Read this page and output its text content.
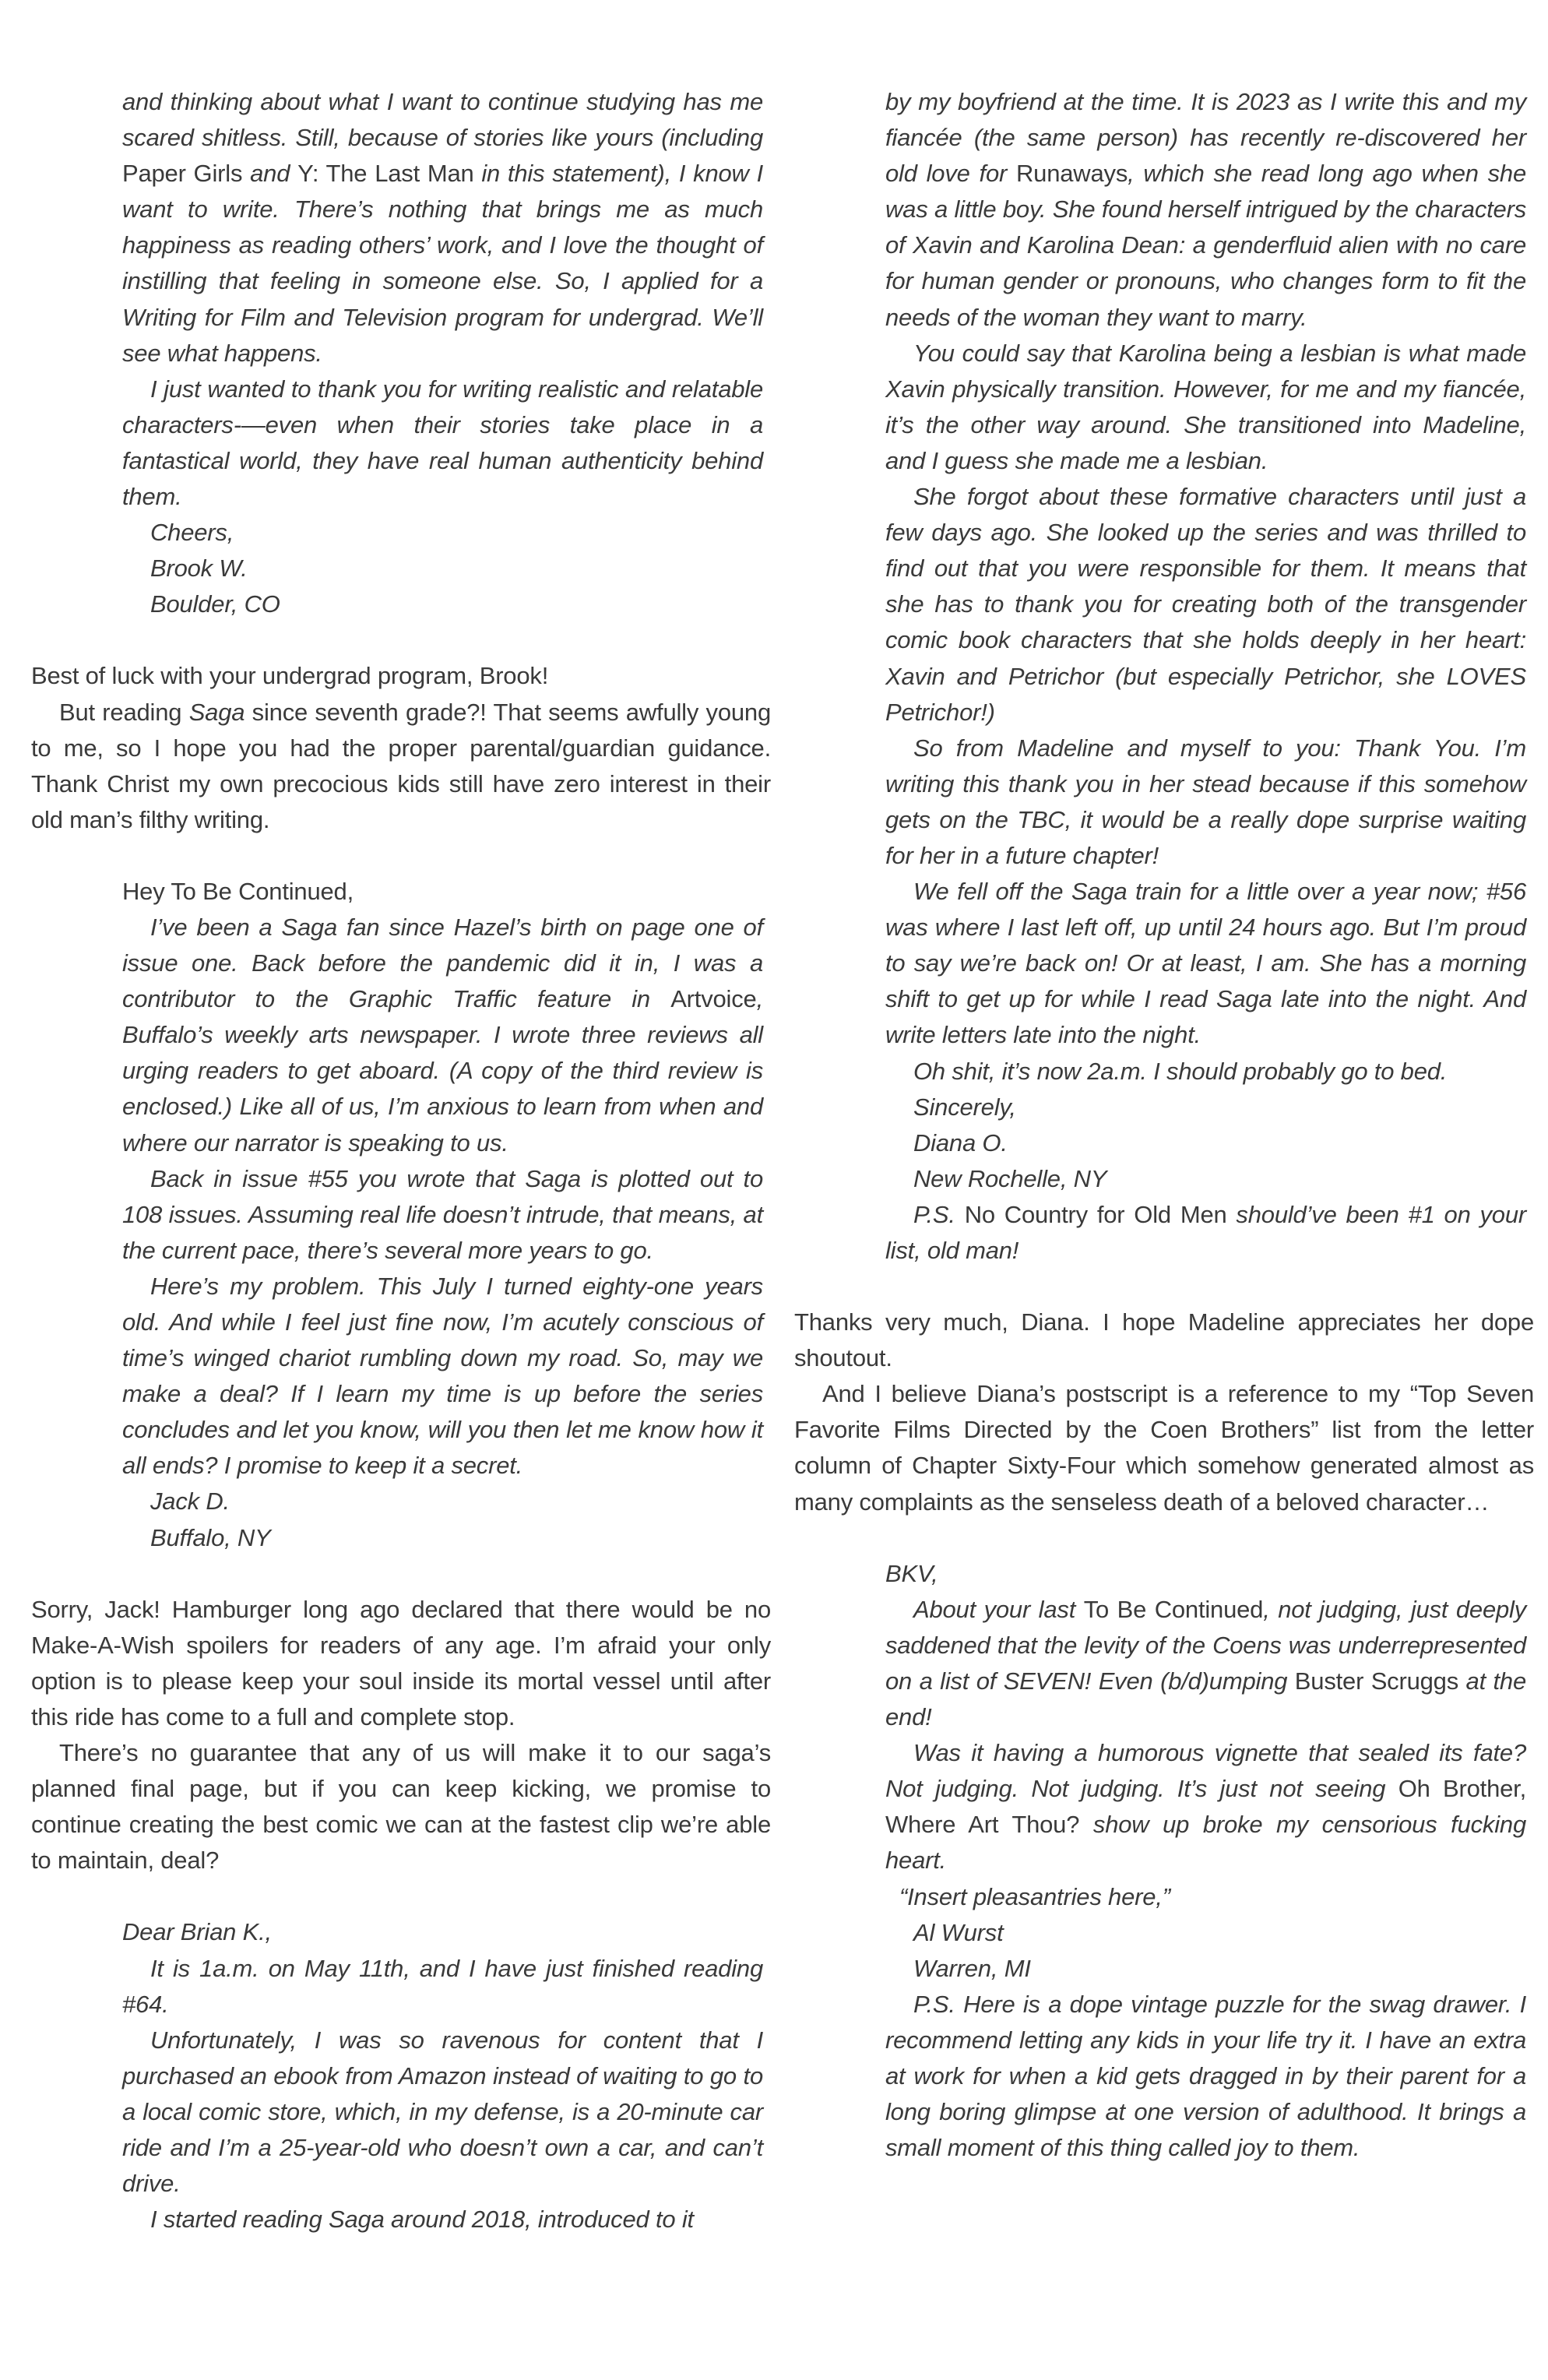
and thinking about what I want to continue studying has me scared shitless. Still, because of stories like yours (including Paper Girls and Y: The Last Man in this statement), I know I want to write. There’s nothing that brings me as much happiness as reading others’ work, and I love the thought of instilling that feeling in someone else. So, I applied for a Writing for Film and Television program for undergrad. We’ll see what happens.

I just wanted to thank you for writing realistic and relatable characters-—even when their stories take place in a fantastical world, they have real human authenticity behind them.

Cheers,

Brook W.

Boulder, CO

Best of luck with your undergrad program, Brook!

But reading Saga since seventh grade?! That seems awfully young to me, so I hope you had the proper parental/guardian guidance. Thank Christ my own precocious kids still have zero interest in their old man’s filthy writing.

Hey To Be Continued,

I’ve been a Saga fan since Hazel’s birth on page one of issue one. Back before the pandemic did it in, I was a contributor to the Graphic Traffic feature in Artvoice, Buffalo’s weekly arts newspaper. I wrote three reviews all urging readers to get aboard. (A copy of the third review is enclosed.) Like all of us, I’m anxious to learn from when and where our narrator is speaking to us.

Back in issue #55 you wrote that Saga is plotted out to 108 issues. Assuming real life doesn’t intrude, that means, at the current pace, there’s several more years to go.

Here’s my problem. This July I turned eighty-one years old. And while I feel just fine now, I’m acutely conscious of time’s winged chariot rumbling down my road. So, may we make a deal? If I learn my time is up before the series concludes and let you know, will you then let me know how it all ends? I promise to keep it a secret.

Jack D.

Buffalo, NY

Sorry, Jack! Hamburger long ago declared that there would be no Make-A-Wish spoilers for readers of any age. I’m afraid your only option is to please keep your soul inside its mortal vessel until after this ride has come to a full and complete stop.

There’s no guarantee that any of us will make it to our saga’s planned final page, but if you can keep kicking, we promise to continue creating the best comic we can at the fastest clip we’re able to maintain, deal?

Dear Brian K.,

It is 1a.m. on May 11th, and I have just finished reading #64.

Unfortunately, I was so ravenous for content that I purchased an ebook from Amazon instead of waiting to go to a local comic store, which, in my defense, is a 20-minute car ride and I’m a 25-year-old who doesn’t own a car, and can’t drive.

I started reading Saga around 2018, introduced to it

by my boyfriend at the time. It is 2023 as I write this and my fiancée (the same person) has recently re-discovered her old love for Runaways, which she read long ago when she was a little boy. She found herself intrigued by the characters of Xavin and Karolina Dean: a genderfluid alien with no care for human gender or pronouns, who changes form to fit the needs of the woman they want to marry.

You could say that Karolina being a lesbian is what made Xavin physically transition. However, for me and my fiancée, it’s the other way around. She transitioned into Madeline, and I guess she made me a lesbian.

She forgot about these formative characters until just a few days ago. She looked up the series and was thrilled to find out that you were responsible for them. It means that she has to thank you for creating both of the transgender comic book characters that she holds deeply in her heart: Xavin and Petrichor (but especially Petrichor, she LOVES Petrichor!)

So from Madeline and myself to you: Thank You. I’m writing this thank you in her stead because if this somehow gets on the TBC, it would be a really dope surprise waiting for her in a future chapter!

We fell off the Saga train for a little over a year now; #56 was where I last left off, up until 24 hours ago. But I’m proud to say we’re back on! Or at least, I am. She has a morning shift to get up for while I read Saga late into the night. And write letters late into the night.

Oh shit, it’s now 2a.m. I should probably go to bed.

Sincerely,

Diana O.

New Rochelle, NY

P.S. No Country for Old Men should’ve been #1 on your list, old man!

Thanks very much, Diana. I hope Madeline appreciates her dope shoutout.

And I believe Diana’s postscript is a reference to my “Top Seven Favorite Films Directed by the Coen Brothers” list from the letter column of Chapter Sixty-Four which somehow generated almost as many complaints as the senseless death of a beloved character…

BKV,

About your last To Be Continued, not judging, just deeply saddened that the levity of the Coens was underrepresented on a list of SEVEN! Even (b/d)umping Buster Scruggs at the end!

Was it having a humorous vignette that sealed its fate? Not judging. Not judging. It’s just not seeing Oh Brother, Where Art Thou? show up broke my censorious fucking heart.

“Insert pleasantries here,”

Al Wurst

Warren, MI

P.S. Here is a dope vintage puzzle for the swag drawer. I recommend letting any kids in your life try it. I have an extra at work for when a kid gets dragged in by their parent for a long boring glimpse at one version of adulthood. It brings a small moment of this thing called joy to them.
